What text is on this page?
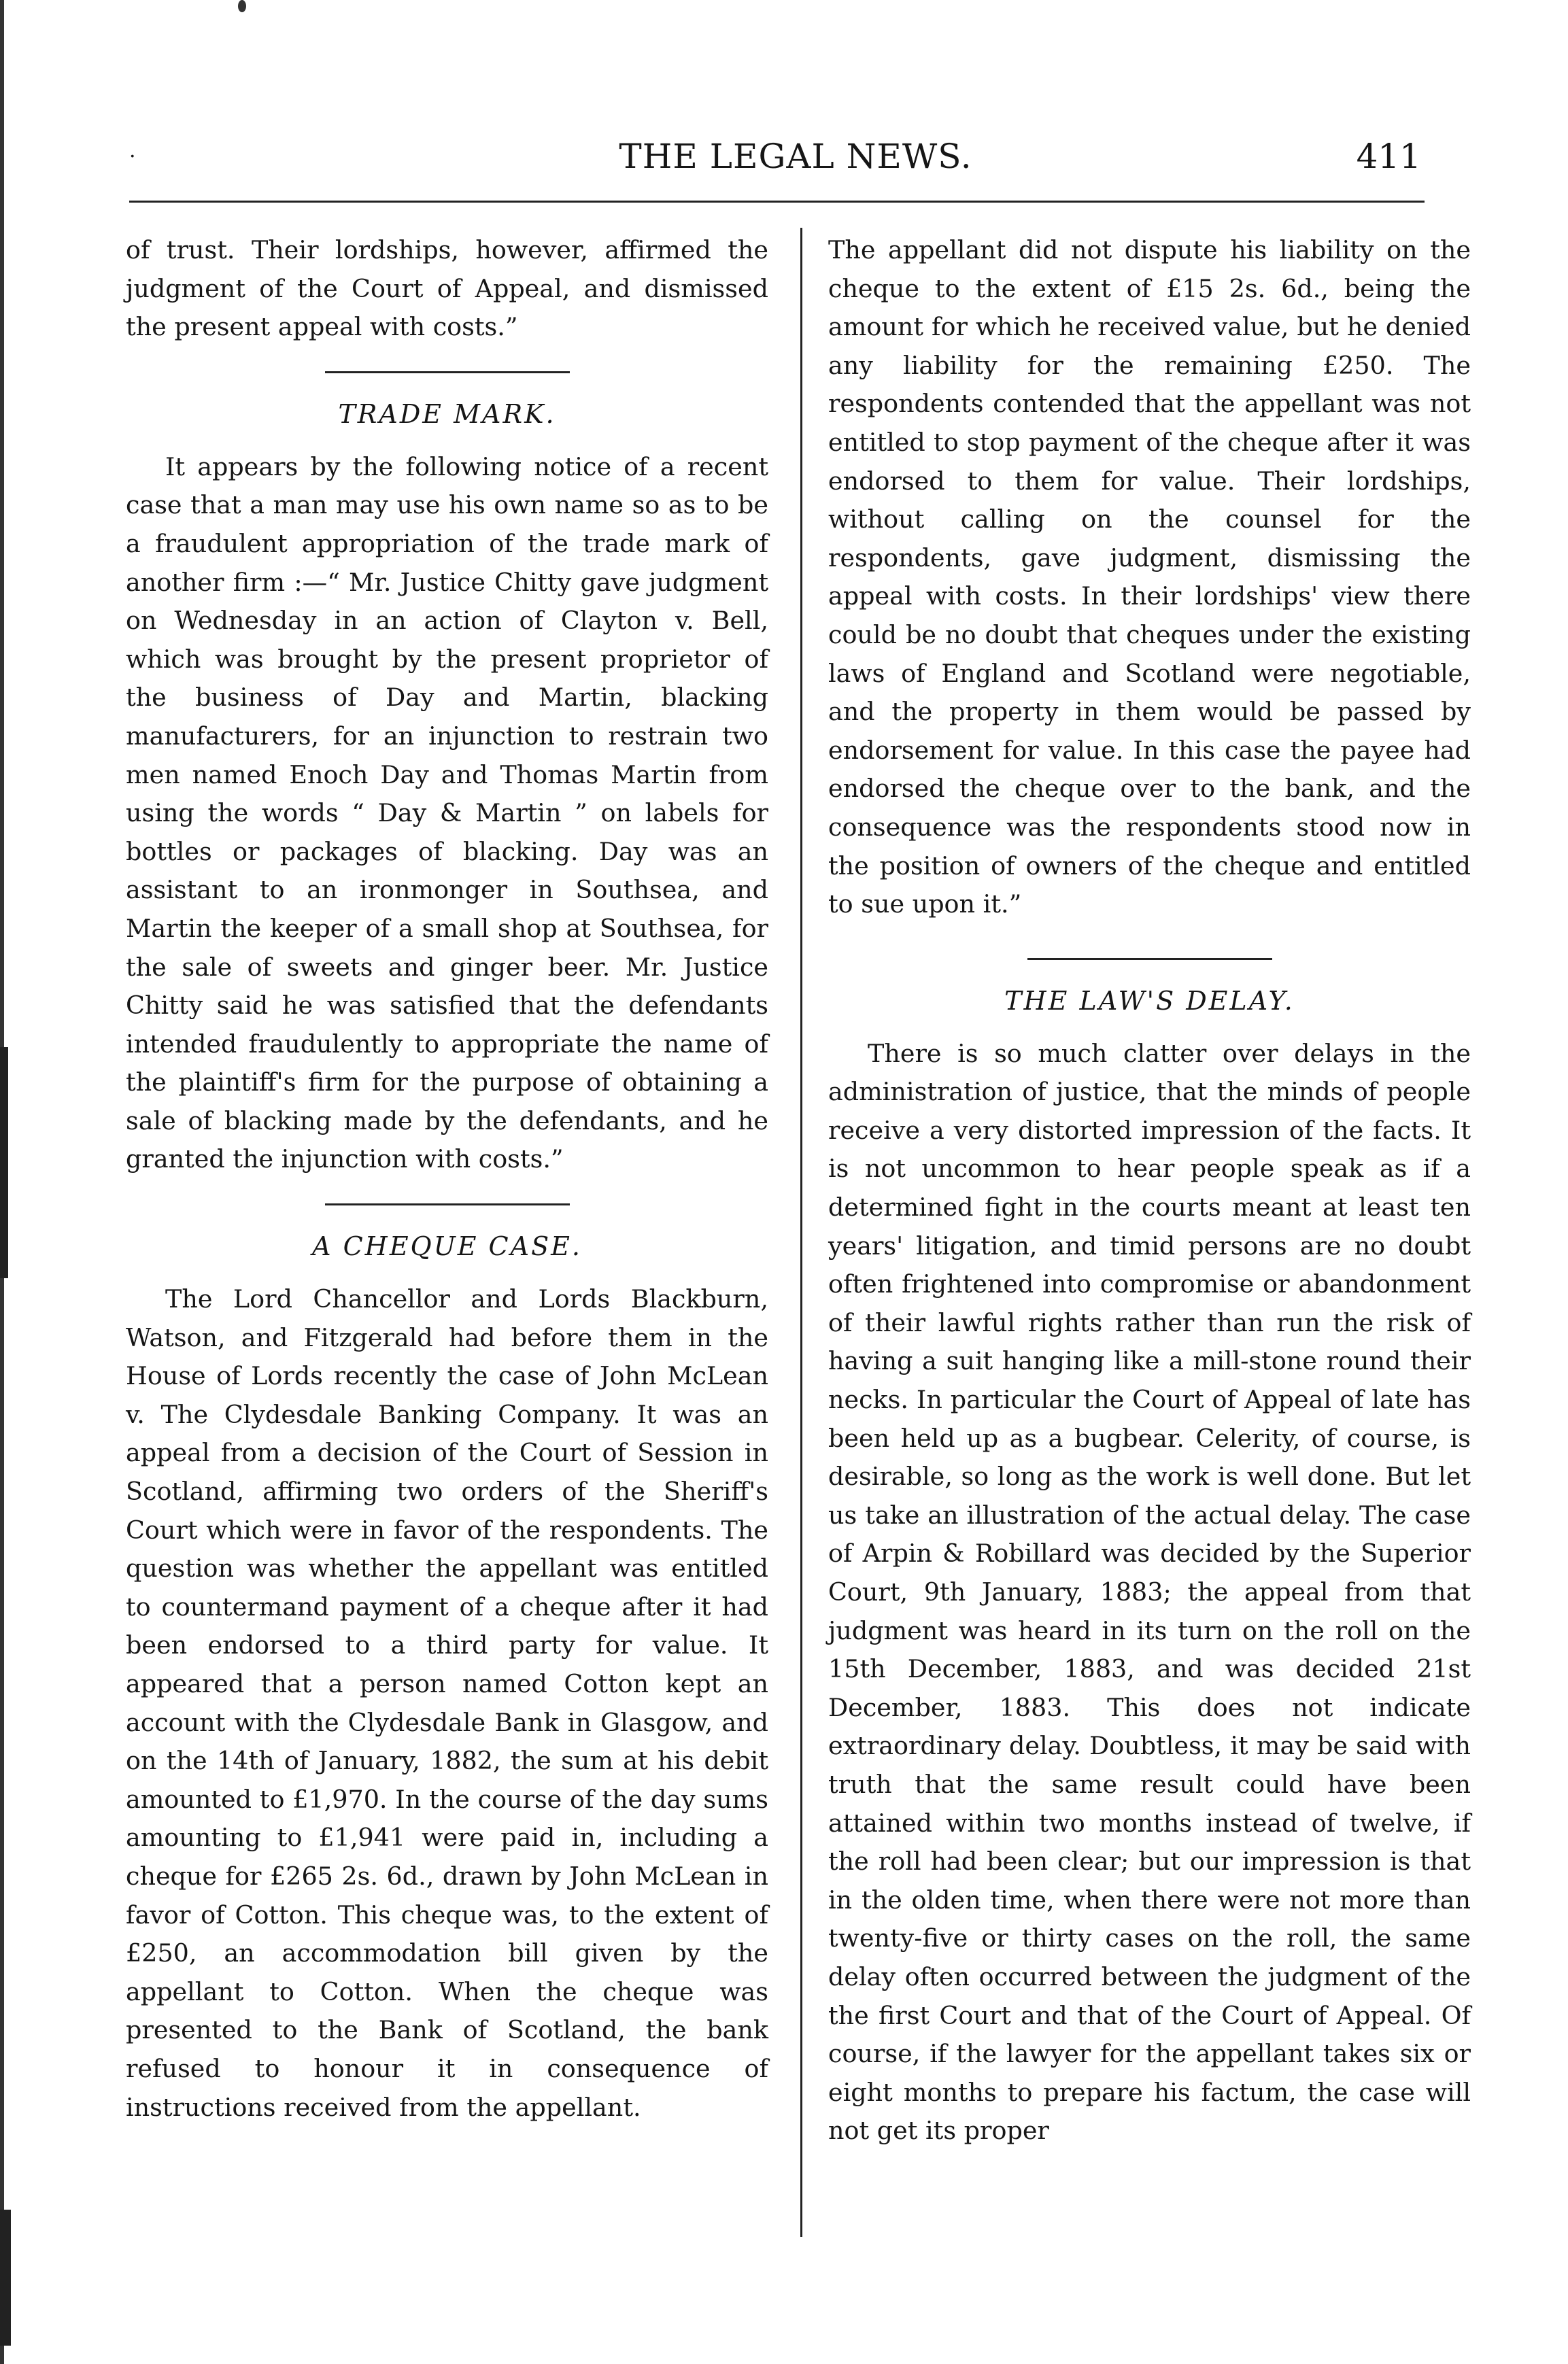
·	THE LEGAL NEWS.	411

of trust. Their lordships, however, affirmed the judgment of the Court of Appeal, and dismissed the present appeal with costs.”

TRADE MARK.

It appears by the following notice of a recent case that a man may use his own name so as to be a fraudulent appropriation of the trade mark of another firm :—“ Mr. Justice Chitty gave judgment on Wednesday in an action of Clayton v. Bell, which was brought by the present proprietor of the business of Day and Martin, blacking manufacturers, for an injunction to restrain two men named Enoch Day and Thomas Martin from using the words “ Day & Martin ” on labels for bottles or packages of blacking. Day was an assistant to an ironmonger in Southsea, and Martin the keeper of a small shop at Southsea, for the sale of sweets and ginger beer. Mr. Justice Chitty said he was satisfied that the defendants intended fraudulently to appropriate the name of the plaintiff's firm for the purpose of obtaining a sale of blacking made by the defendants, and he granted the injunction with costs.”

A CHEQUE CASE.

The Lord Chancellor and Lords Blackburn, Watson, and Fitzgerald had before them in the House of Lords recently the case of John McLean v. The Clydesdale Banking Company. It was an appeal from a decision of the Court of Session in Scotland, affirming two orders of the Sheriff's Court which were in favor of the respondents. The question was whether the appellant was entitled to countermand payment of a cheque after it had been endorsed to a third party for value. It appeared that a person named Cotton kept an account with the Clydesdale Bank in Glasgow, and on the 14th of January, 1882, the sum at his debit amounted to £1,970. In the course of the day sums amounting to £1,941 were paid in, including a cheque for £265 2s. 6d., drawn by John McLean in favor of Cotton. This cheque was, to the extent of £250, an accommodation bill given by the appellant to Cotton. When the cheque was presented to the Bank of Scotland, the bank refused to honour it in consequence of instructions received from the appellant.

The appellant did not dispute his liability on the cheque to the extent of £15 2s. 6d., being the amount for which he received value, but he denied any liability for the remaining £250. The respondents contended that the appellant was not entitled to stop payment of the cheque after it was endorsed to them for value. Their lordships, without calling on the counsel for the respondents, gave judgment, dismissing the appeal with costs. In their lordships' view there could be no doubt that cheques under the existing laws of England and Scotland were negotiable, and the property in them would be passed by endorsement for value. In this case the payee had endorsed the cheque over to the bank, and the consequence was the respondents stood now in the position of owners of the cheque and entitled to sue upon it.”

THE LAW'S DELAY.

There is so much clatter over delays in the administration of justice, that the minds of people receive a very distorted impression of the facts. It is not uncommon to hear people speak as if a determined fight in the courts meant at least ten years' litigation, and timid persons are no doubt often frightened into compromise or abandonment of their lawful rights rather than run the risk of having a suit hanging like a mill-stone round their necks. In particular the Court of Appeal of late has been held up as a bugbear. Celerity, of course, is desirable, so long as the work is well done. But let us take an illustration of the actual delay. The case of Arpin & Robillard was decided by the Superior Court, 9th January, 1883; the appeal from that judgment was heard in its turn on the roll on the 15th December, 1883, and was decided 21st December, 1883. This does not indicate extraordinary delay. Doubtless, it may be said with truth that the same result could have been attained within two months instead of twelve, if the roll had been clear; but our impression is that in the olden time, when there were not more than twenty-five or thirty cases on the roll, the same delay often occurred between the judgment of the the first Court and that of the Court of Appeal. Of course, if the lawyer for the appellant takes six or eight months to prepare his factum, the case will not get its proper
